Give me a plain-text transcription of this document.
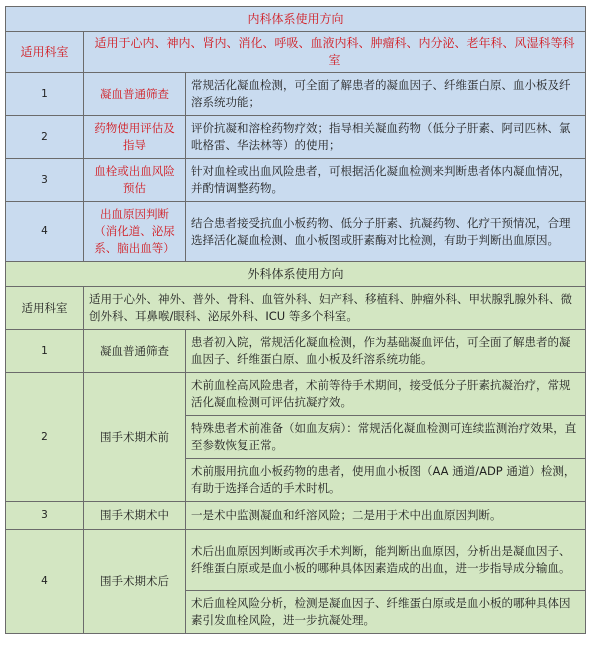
内科体系使用方向		
适用科室	适用于心内、神内、肾内、消化、呼吸、血液内科、肿瘤科、内分泌、老年科、风湿科等科室	
1	凝血普通筛查	常规活化凝血检测，可全面了解患者的凝血因子、纤维蛋白原、血小板及纤溶系统功能；
2	药物使用评估及指导	评价抗凝和溶栓药物疗效；指导相关凝血药物（低分子肝素、阿司匹林、氯吡格雷、华法林等）的使用；
3	血栓或出血风险预估	针对血栓或出血风险患者，可根据活化凝血检测来判断患者体内凝血情况，并酌情调整药物。
4	出血原因判断（消化道、泌尿系、脑出血等）	结合患者接受抗血小板药物、低分子肝素、抗凝药物、化疗干预情况，合理选择活化凝血检测、血小板图或肝素酶对比检测，有助于判断出血原因。
外科体系使用方向		
适用科室	适用于心外、神外、普外、骨科、血管外科、妇产科、移植科、肿瘤外科、甲状腺乳腺外科、微创外科、耳鼻喉/眼科、泌尿外科、ICU 等多个科室。	
1	凝血普通筛查	患者初入院，常规活化凝血检测，作为基础凝血评估，可全面了解患者的凝血因子、纤维蛋白原、血小板及纤溶系统功能。
2	围手术期术前	术前血栓高风险患者，术前等待手术期间，接受低分子肝素抗凝治疗，常规活化凝血检测可评估抗凝疗效。
		特殊患者术前准备（如血友病）：常规活化凝血检测可连续监测治疗效果，直至参数恢复正常。
		术前服用抗血小板药物的患者，使用血小板图（AA 通道/ADP 通道）检测，有助于选择合适的手术时机。
3	围手术期术中	一是术中监测凝血和纤溶风险；二是用于术中出血原因判断。
4	围手术期术后	术后出血原因判断或再次手术判断，能判断出血原因，分析出是凝血因子、纤维蛋白原或是血小板的哪种具体因素造成的出血，进一步指导成分输血。
		术后血栓风险分析，检测是凝血因子、纤维蛋白原或是血小板的哪种具体因素引发血栓风险，进一步抗凝处理。
